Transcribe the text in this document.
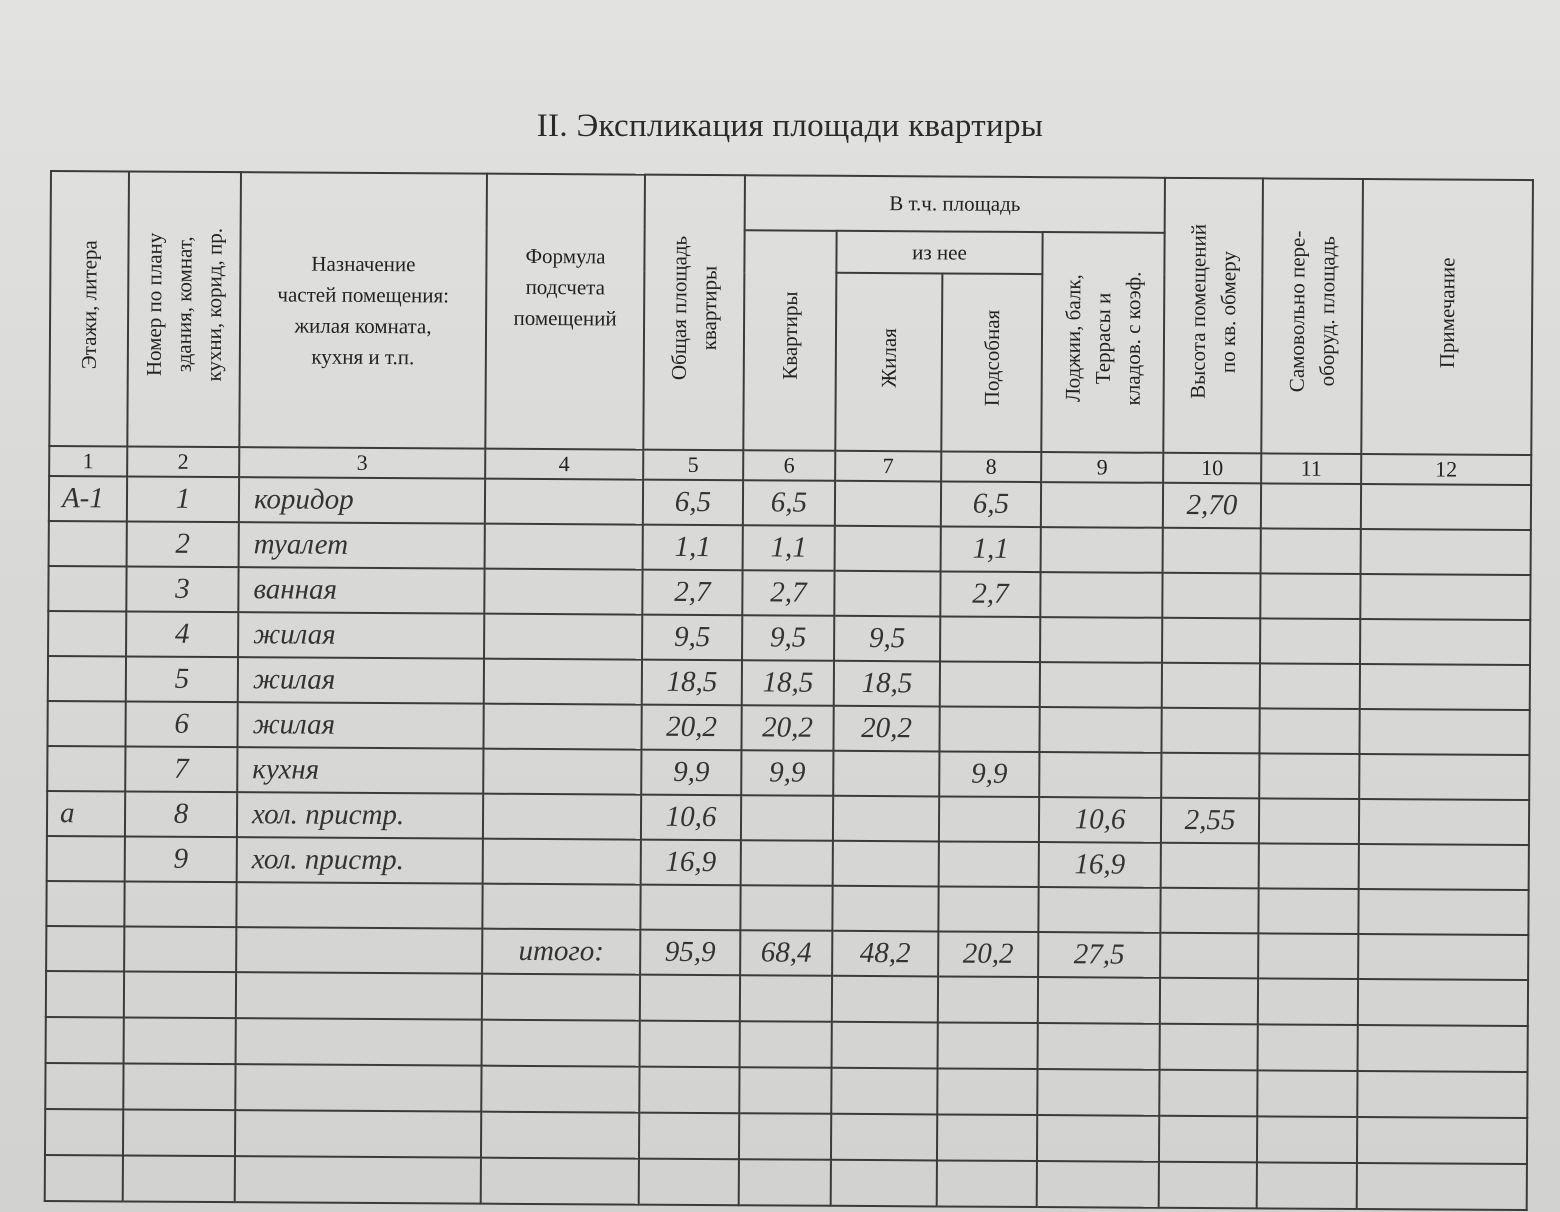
II. Экспликация площади квартиры
Этажи, литера	Номер по плану здания, комнат, кухни, корид, пр.	Назначение
частей помещения:
жилая комната,
кухня и т.п.	Формула
подсчета
помещений	Общая площадь квартиры	В т.ч. площадь				Высота помещений по кв. обмеру	Самовольно пере- оборуд. площадь	Примечание
					Квартиры	из нее		Лоджии, балк, Террасы и кладов. с коэф.			
						Жилая	Подсобная				
1	2	3	4	5	6	7	8	9	10	11	12
А-1	1	коридор		6,5	6,5		6,5		2,70		
	2	туалет		1,1	1,1		1,1				
	3	ванная		2,7	2,7		2,7				
	4	жилая		9,5	9,5	9,5					
	5	жилая		18,5	18,5	18,5					
	6	жилая		20,2	20,2	20,2					
	7	кухня		9,9	9,9		9,9				
а	8	хол. пристр.		10,6				10,6	2,55		
	9	хол. пристр.		16,9				16,9			

			итого:	95,9	68,4	48,2	20,2	27,5			
